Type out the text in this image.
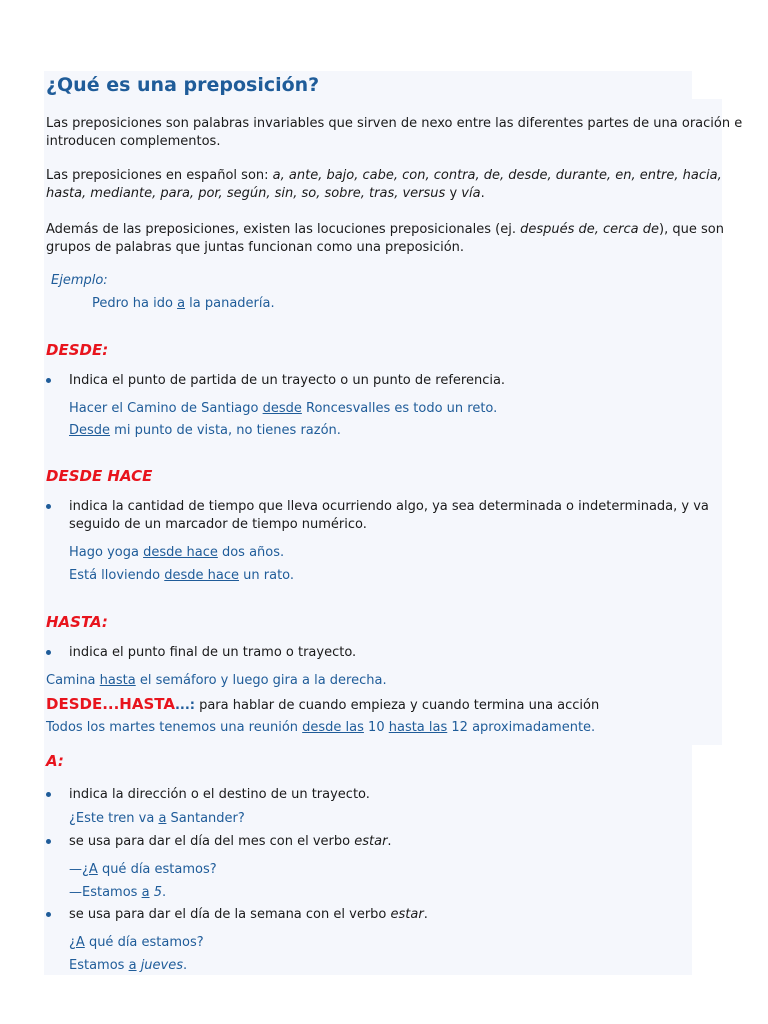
¿Qué es una preposición?
Las preposiciones son palabras invariables que sirven de nexo entre las diferentes partes de una oración e
introducen complementos.
Las preposiciones en español son: a, ante, bajo, cabe, con, contra, de, desde, durante, en, entre, hacia,
hasta, mediante, para, por, según, sin, so, sobre, tras, versus y vía.
Además de las preposiciones, existen las locuciones preposicionales (ej. después de, cerca de), que son
grupos de palabras que juntas funcionan como una preposición.
Ejemplo:
Pedro ha ido a la panadería.
DESDE:
Indica el punto de partida de un trayecto o un punto de referencia.
Hacer el Camino de Santiago desde Roncesvalles es todo un reto.
Desde mi punto de vista, no tienes razón.
DESDE HACE
indica la cantidad de tiempo que lleva ocurriendo algo, ya sea determinada o indeterminada, y va
seguido de un marcador de tiempo numérico.
Hago yoga desde hace dos años.
Está lloviendo desde hace un rato.
HASTA:
indica el punto final de un tramo o trayecto.
Camina hasta el semáforo y luego gira a la derecha.
DESDE...HASTA...: para hablar de cuando empieza y cuando termina una acción
Todos los martes tenemos una reunión desde las 10 hasta las 12 aproximadamente.
A:
indica la dirección o el destino de un trayecto.
¿Este tren va a Santander?
se usa para dar el día del mes con el verbo estar.
—¿A qué día estamos?
—Estamos a 5.
se usa para dar el día de la semana con el verbo estar.
¿A qué día estamos?
Estamos a jueves.
